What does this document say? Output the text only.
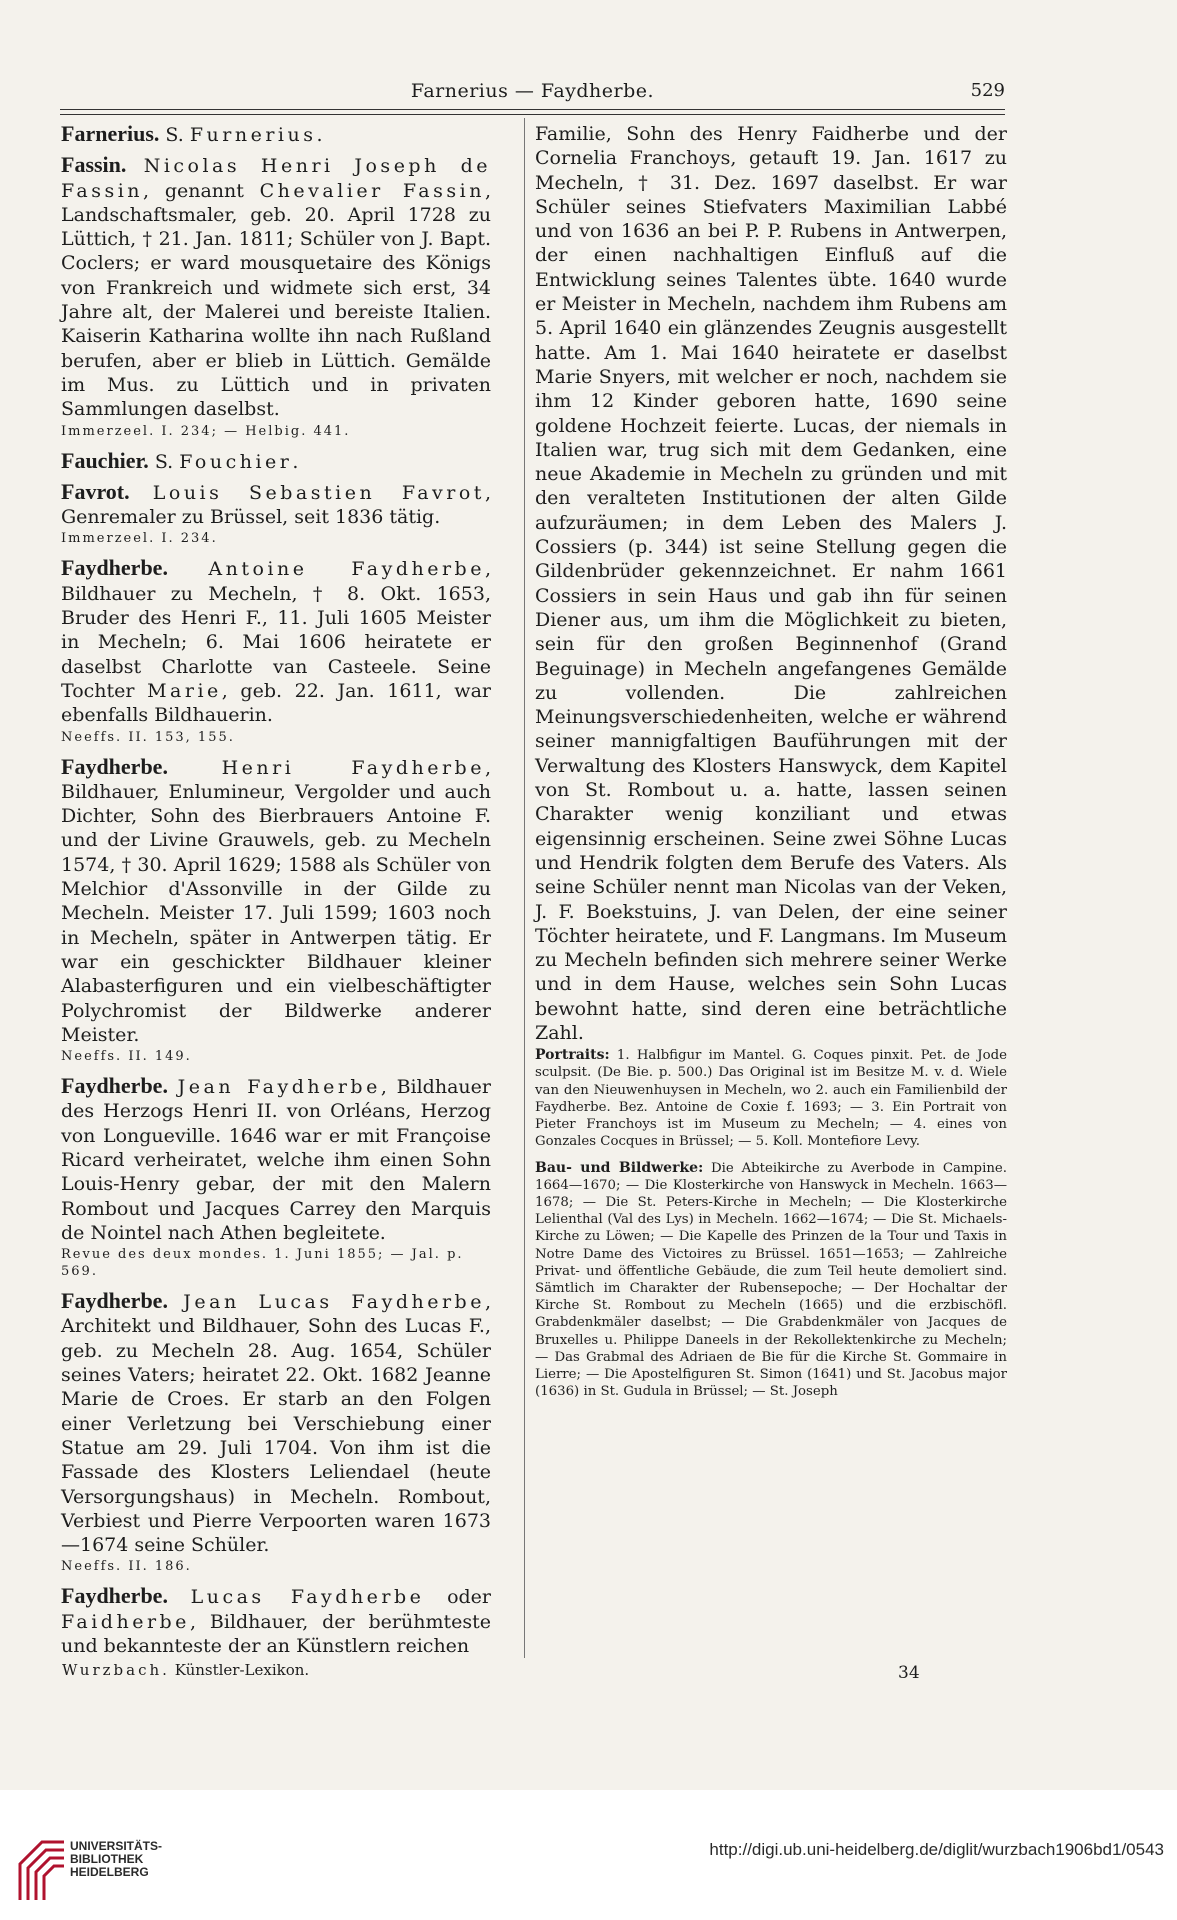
Farnerius — Faydherbe.	529

Farnerius. S. Furnerius.

Fassin. Nicolas Henri Joseph de Fassin, genannt Chevalier Fassin, Landschaftsmaler, geb. 20. April 1728 zu Lüttich, † 21. Jan. 1811; Schüler von J. Bapt. Coclers; er ward mousquetaire des Königs von Frankreich und widmete sich erst, 34 Jahre alt, der Malerei und bereiste Italien. Kaiserin Katharina wollte ihn nach Rußland berufen, aber er blieb in Lüttich. Gemälde im Mus. zu Lüttich und in privaten Sammlungen daselbst.

Immerzeel. I. 234; — Helbig. 441.

Fauchier. S. Fouchier.

Favrot. Louis Sebastien Favrot, Genremaler zu Brüssel, seit 1836 tätig.

Immerzeel. I. 234.

Faydherbe. Antoine Faydherbe, Bildhauer zu Mecheln, † 8. Okt. 1653, Bruder des Henri F., 11. Juli 1605 Meister in Mecheln; 6. Mai 1606 heiratete er daselbst Charlotte van Casteele. Seine Tochter Marie, geb. 22. Jan. 1611, war ebenfalls Bildhauerin.

Neeffs. II. 153, 155.

Faydherbe.	Henri Faydherbe, Bildhauer, Enlumineur, Vergolder und auch Dichter, Sohn des Bierbrauers Antoine F. und der Livine Grauwels, geb. zu Mecheln 1574, † 30. April 1629; 1588 als Schüler von Melchior d'Assonville in der Gilde zu Mecheln. Meister 17. Juli 1599; 1603 noch in Mecheln, später in Antwerpen tätig. Er war ein geschickter Bildhauer kleiner Alabasterfiguren und ein vielbeschäftigter Polychromist der Bildwerke anderer Meister.

Neeffs. II. 149.

Faydherbe. Jean Faydherbe, Bildhauer des Herzogs Henri II. von Orléans, Herzog von Longueville. 1646 war er mit Françoise Ricard verheiratet, welche ihm einen Sohn Louis-Henry gebar, der mit den Malern Rombout und Jacques Carrey den Marquis de Nointel nach Athen begleitete.

Revue des deux mondes. 1. Juni 1855; — Jal. p. 569.

Faydherbe. Jean Lucas Faydherbe, Architekt und Bildhauer, Sohn des Lucas F., geb. zu Mecheln 28. Aug. 1654, Schüler seines Vaters; heiratet 22. Okt. 1682 Jeanne Marie de Croes. Er starb an den Folgen einer Verletzung bei Verschiebung einer Statue am 29. Juli 1704. Von ihm ist die Fassade des Klosters Leliendael (heute Versorgungshaus) in Mecheln. Rombout, Verbiest und Pierre Verpoorten waren 1673—1674 seine Schüler.

Neeffs. II. 186.

Faydherbe. Lucas Faydherbe oder Faidherbe, Bildhauer, der berühmteste und bekannteste der an Künstlern reichen

Familie, Sohn des Henry Faidherbe und der Cornelia Franchoys, getauft 19. Jan. 1617 zu Mecheln, † 31. Dez. 1697 daselbst. Er war Schüler seines Stiefvaters Maximilian Labbé und von 1636 an bei P. P. Rubens in Antwerpen, der einen nachhaltigen Einfluß auf die Entwicklung seines Talentes übte. 1640 wurde er Meister in Mecheln, nachdem ihm Rubens am 5. April 1640 ein glänzendes Zeugnis ausgestellt hatte. Am 1. Mai 1640 heiratete er daselbst Marie Snyers, mit welcher er noch, nachdem sie ihm 12 Kinder geboren hatte, 1690 seine goldene Hochzeit feierte. Lucas, der niemals in Italien war, trug sich mit dem Gedanken, eine neue Akademie in Mecheln zu gründen und mit den veralteten Institutionen der alten Gilde aufzuräumen; in dem Leben des Malers J. Cossiers (p. 344) ist seine Stellung gegen die Gildenbrüder gekennzeichnet. Er nahm 1661 Cossiers in sein Haus und gab ihn für seinen Diener aus, um ihm die Möglichkeit zu bieten, sein für den großen Beginnenhof (Grand Beguinage) in Mecheln angefangenes Gemälde zu vollenden. Die zahlreichen Meinungsverschiedenheiten, welche er während seiner mannigfaltigen Bauführungen mit der Verwaltung des Klosters Hanswyck, dem Kapitel von St. Rombout u. a. hatte, lassen seinen Charakter wenig konziliant und etwas eigensinnig erscheinen. Seine zwei Söhne Lucas und Hendrik folgten dem Berufe des Vaters. Als seine Schüler nennt man Nicolas van der Veken, J. F. Boekstuins, J. van Delen, der eine seiner Töchter heiratete, und F. Langmans. Im Museum zu Mecheln befinden sich mehrere seiner Werke und in dem Hause, welches sein Sohn Lucas bewohnt hatte, sind deren eine beträchtliche Zahl.

Portraits: 1. Halbfigur im Mantel. G. Coques pinxit. Pet. de Jode sculpsit. (De Bie. p. 500.) Das Original ist im Besitze M. v. d. Wiele van den Nieuwenhuysen in Mecheln, wo 2. auch ein Familienbild der Faydherbe. Bez. Antoine de Coxie f. 1693; — 3. Ein Portrait von Pieter Franchoys ist im Museum zu Mecheln; — 4. eines von Gonzales Cocques in Brüssel; — 5. Koll. Montefiore Levy.

Bau- und Bildwerke: Die Abteikirche zu Averbode in Campine. 1664—1670; — Die Klosterkirche von Hanswyck in Mecheln. 1663—1678; — Die St. Peters-Kirche in Mecheln; — Die Klosterkirche Lelienthal (Val des Lys) in Mecheln. 1662—1674; — Die St. Michaels-Kirche zu Löwen; — Die Kapelle des Prinzen de la Tour und Taxis in Notre Dame des Victoires zu Brüssel. 1651—1653; — Zahlreiche Privat- und öffentliche Gebäude, die zum Teil heute demoliert sind. Sämtlich im Charakter der Rubensepoche; — Der Hochaltar der Kirche St. Rombout zu Mecheln (1665) und die erzbischöfl. Grabdenkmäler daselbst; — Die Grabdenkmäler von Jacques de Bruxelles u. Philippe Daneels in der Rekollektenkirche zu Mecheln; — Das Grabmal des Adriaen de Bie für die Kirche St. Gommaire in Lierre; — Die Apostelfiguren St. Simon (1641) und St. Jacobus major (1636) in St. Gudula in Brüssel; — St. Joseph

Wurzbach. Künstler-Lexikon.	34
UNIVERSITÄTS-
BIBLIOTHEK
HEIDELBERG
http://digi.ub.uni-heidelberg.de/diglit/wurzbach1906bd1/0543
